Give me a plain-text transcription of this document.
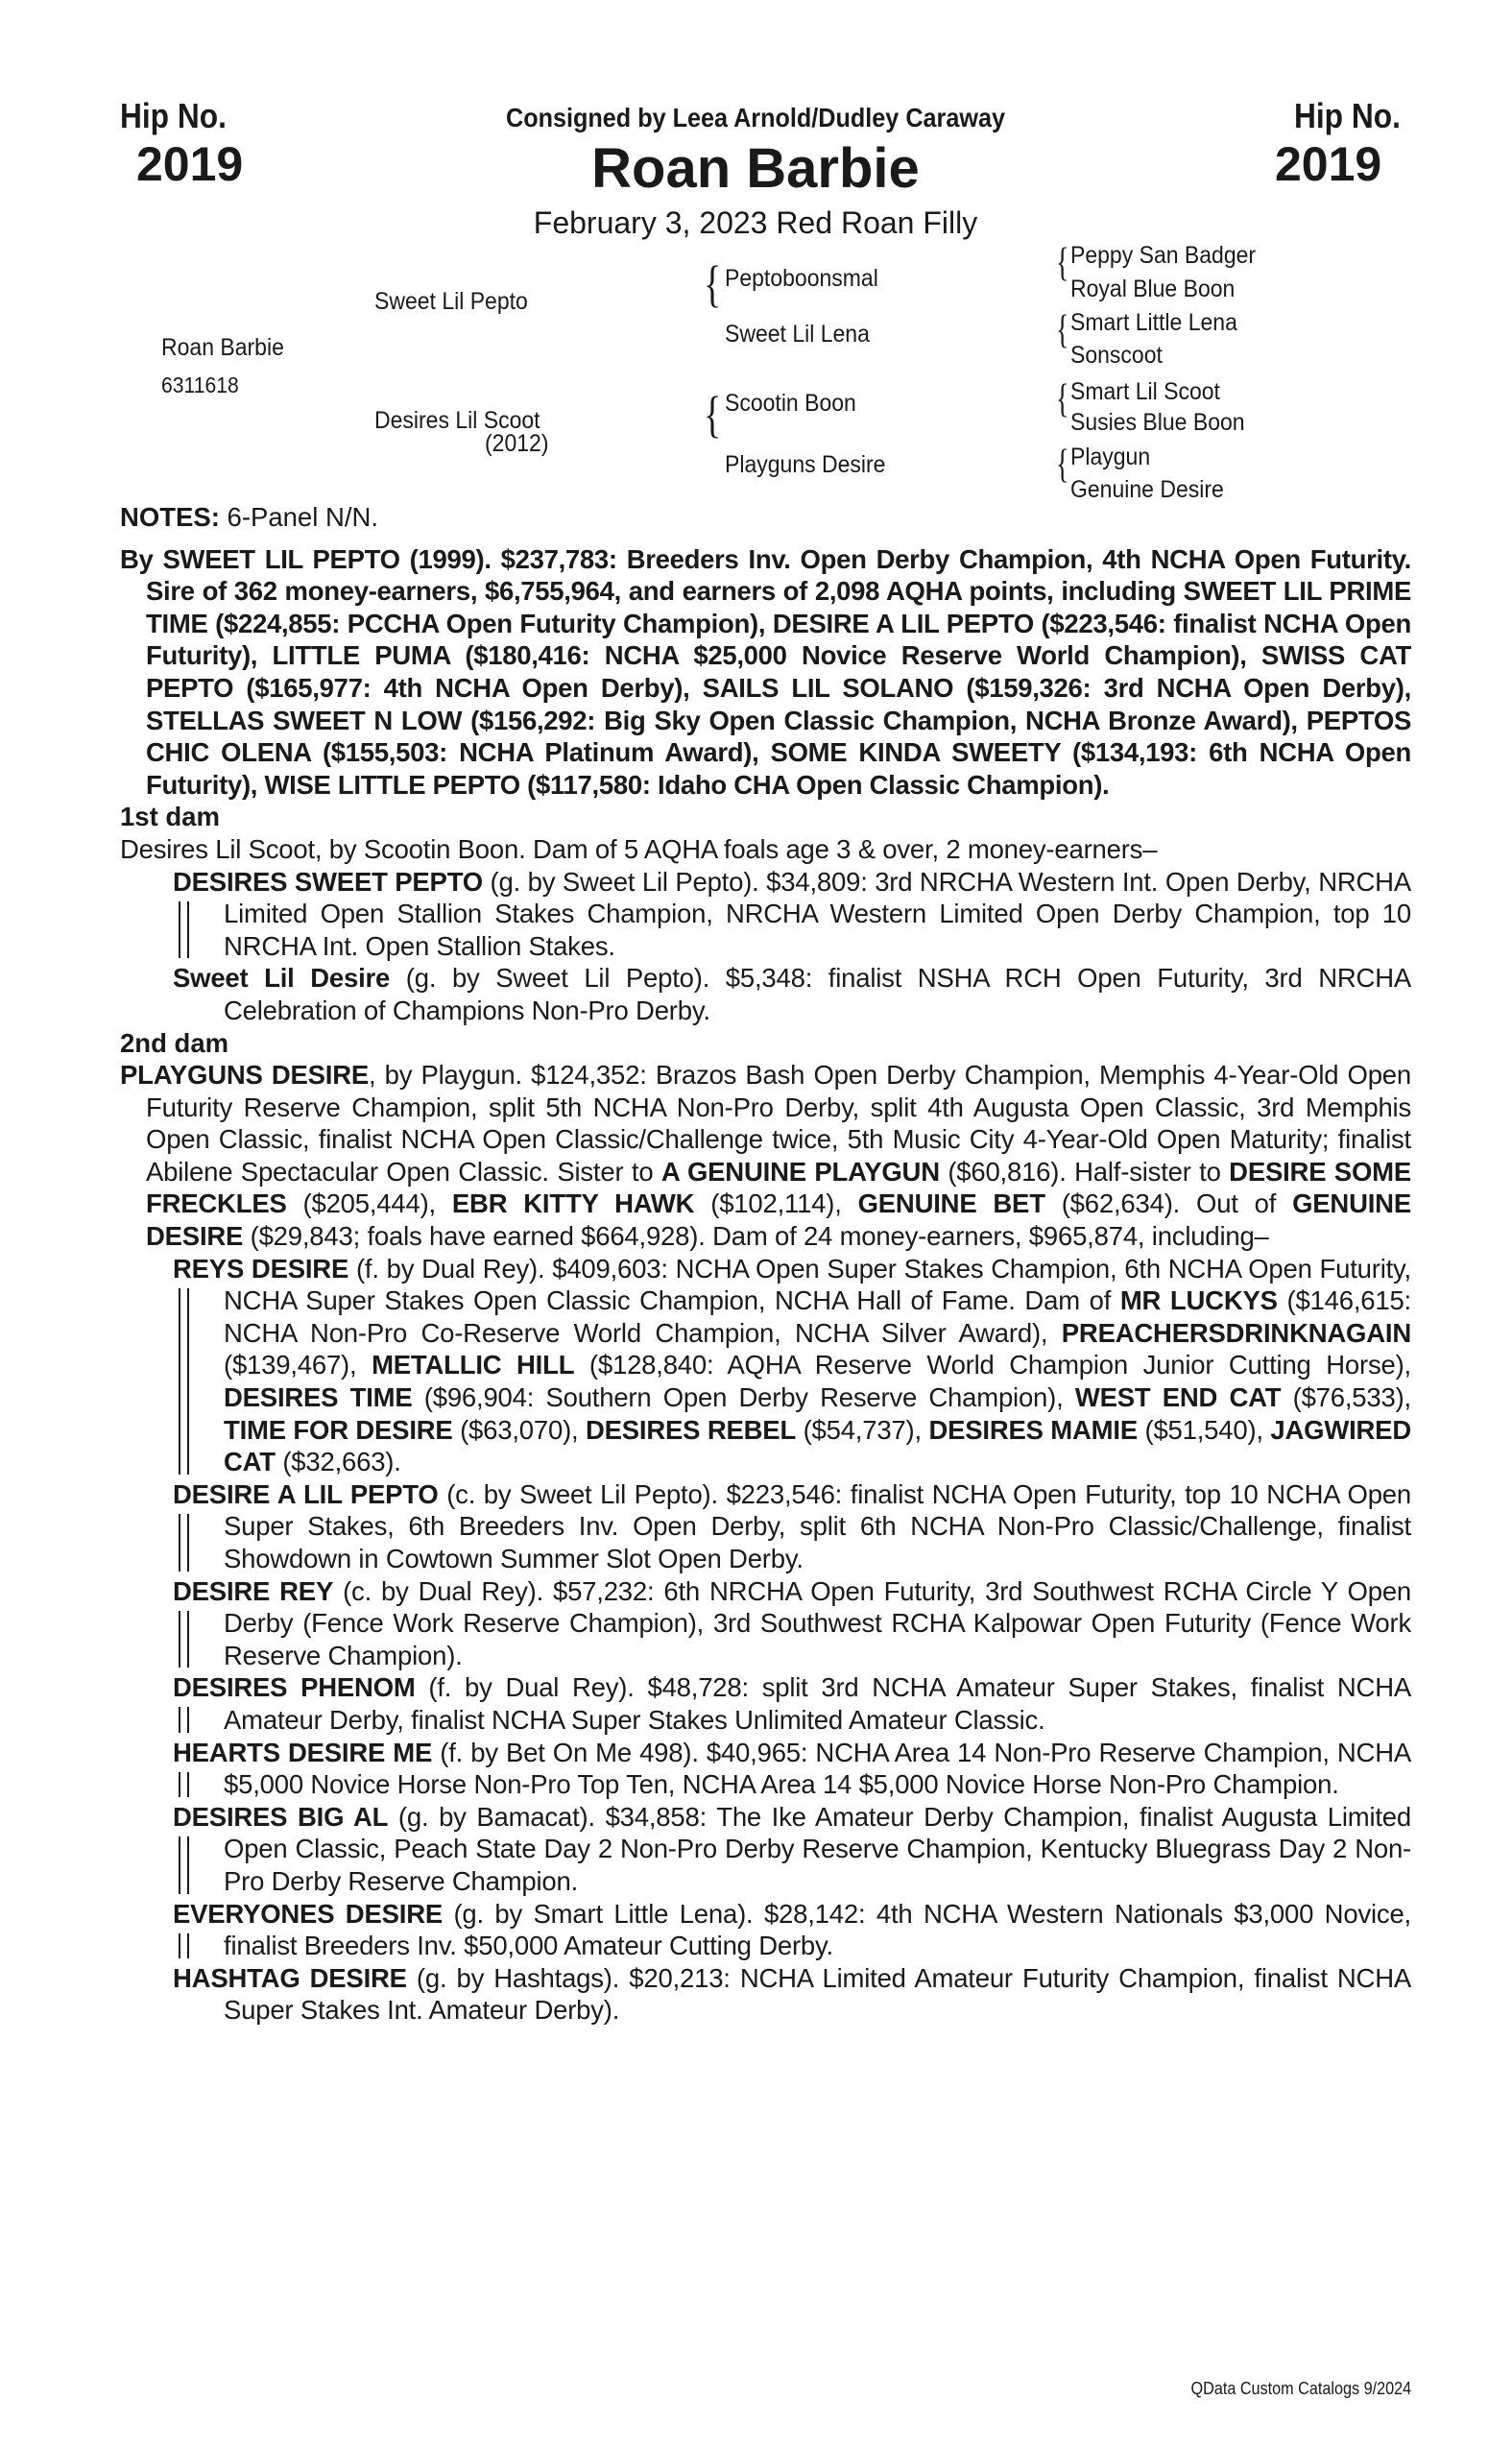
Hip No.
2019
Hip No.
2019
Consigned by Leea Arnold/Dudley Caraway
Roan Barbie
February 3, 2023 Red Roan Filly
Roan Barbie
6311618
Sweet Lil Pepto
Desires Lil Scoot
(2012)
{ Peptoboonsmal
Sweet Lil Lena
{ Scootin Boon
Playguns Desire
{ Peppy San Badger
Royal Blue Boon
{ Smart Little Lena
Sonscoot
{ Smart Lil Scoot
Susies Blue Boon
{ Playgun
Genuine Desire
NOTES: 6-Panel N/N.
By SWEET LIL PEPTO (1999). $237,783: Breeders Inv. Open Derby Champion, 4th NCHA Open Futurity. Sire of 362 money-earners, $6,755,964, and earners of 2,098 AQHA points, including SWEET LIL PRIME TIME ($224,855: PCCHA Open Futurity Champion), DESIRE A LIL PEPTO ($223,546: finalist NCHA Open Futurity), LITTLE PUMA ($180,416: NCHA $25,000 Novice Reserve World Champion), SWISS CAT PEPTO ($165,977: 4th NCHA Open Derby), SAILS LIL SOLANO ($159,326: 3rd NCHA Open Derby), STELLAS SWEET N LOW ($156,292: Big Sky Open Classic Champion, NCHA Bronze Award), PEPTOS CHIC OLENA ($155,503: NCHA Platinum Award), SOME KINDA SWEETY ($134,193: 6th NCHA Open Futurity), WISE LITTLE PEPTO ($117,580: Idaho CHA Open Classic Champion).
1st dam
Desires Lil Scoot, by Scootin Boon. Dam of 5 AQHA foals age 3 & over, 2 money-earners–
DESIRES SWEET PEPTO (g. by Sweet Lil Pepto). $34,809: 3rd NRCHA Western Int. Open Derby, NRCHA Limited Open Stallion Stakes Champion, NRCHA Western Limited Open Derby Champion, top 10 NRCHA Int. Open Stallion Stakes.
Sweet Lil Desire (g. by Sweet Lil Pepto). $5,348: finalist NSHA RCH Open Futurity, 3rd NRCHA Celebration of Champions Non-Pro Derby.
2nd dam
PLAYGUNS DESIRE, by Playgun. $124,352: Brazos Bash Open Derby Champion, Memphis 4-Year-Old Open Futurity Reserve Champion, split 5th NCHA Non-Pro Derby, split 4th Augusta Open Classic, 3rd Memphis Open Classic, finalist NCHA Open Classic/Challenge twice, 5th Music City 4-Year-Old Open Maturity; finalist Abilene Spectacular Open Classic. Sister to A GENUINE PLAYGUN ($60,816). Half-sister to DESIRE SOME FRECKLES ($205,444), EBR KITTY HAWK ($102,114), GENUINE BET ($62,634). Out of GENUINE DESIRE ($29,843; foals have earned $664,928). Dam of 24 money-earners, $965,874, including–
REYS DESIRE (f. by Dual Rey). $409,603: NCHA Open Super Stakes Champion, 6th NCHA Open Futurity, NCHA Super Stakes Open Classic Champion, NCHA Hall of Fame. Dam of MR LUCKYS ($146,615: NCHA Non-Pro Co-Reserve World Champion, NCHA Silver Award), PREACHERSDRINKNAGAIN ($139,467), METALLIC HILL ($128,840: AQHA Reserve World Champion Junior Cutting Horse), DESIRES TIME ($96,904: Southern Open Derby Reserve Champion), WEST END CAT ($76,533), TIME FOR DESIRE ($63,070), DESIRES REBEL ($54,737), DESIRES MAMIE ($51,540), JAGWIRED CAT ($32,663).
DESIRE A LIL PEPTO (c. by Sweet Lil Pepto). $223,546: finalist NCHA Open Futurity, top 10 NCHA Open Super Stakes, 6th Breeders Inv. Open Derby, split 6th NCHA Non-Pro Classic/Challenge, finalist Showdown in Cowtown Summer Slot Open Derby.
DESIRE REY (c. by Dual Rey). $57,232: 6th NRCHA Open Futurity, 3rd Southwest RCHA Circle Y Open Derby (Fence Work Reserve Champion), 3rd Southwest RCHA Kalpowar Open Futurity (Fence Work Reserve Champion).
DESIRES PHENOM (f. by Dual Rey). $48,728: split 3rd NCHA Amateur Super Stakes, finalist NCHA Amateur Derby, finalist NCHA Super Stakes Unlimited Amateur Classic.
HEARTS DESIRE ME (f. by Bet On Me 498). $40,965: NCHA Area 14 Non-Pro Reserve Champion, NCHA $5,000 Novice Horse Non-Pro Top Ten, NCHA Area 14 $5,000 Novice Horse Non-Pro Champion.
DESIRES BIG AL (g. by Bamacat). $34,858: The Ike Amateur Derby Champion, finalist Augusta Limited Open Classic, Peach State Day 2 Non-Pro Derby Reserve Champion, Kentucky Bluegrass Day 2 Non-Pro Derby Reserve Champion.
EVERYONES DESIRE (g. by Smart Little Lena). $28,142: 4th NCHA Western Nationals $3,000 Novice, finalist Breeders Inv. $50,000 Amateur Cutting Derby.
HASHTAG DESIRE (g. by Hashtags). $20,213: NCHA Limited Amateur Futurity Champion, finalist NCHA Super Stakes Int. Amateur Derby).
QData Custom Catalogs 9/2024
